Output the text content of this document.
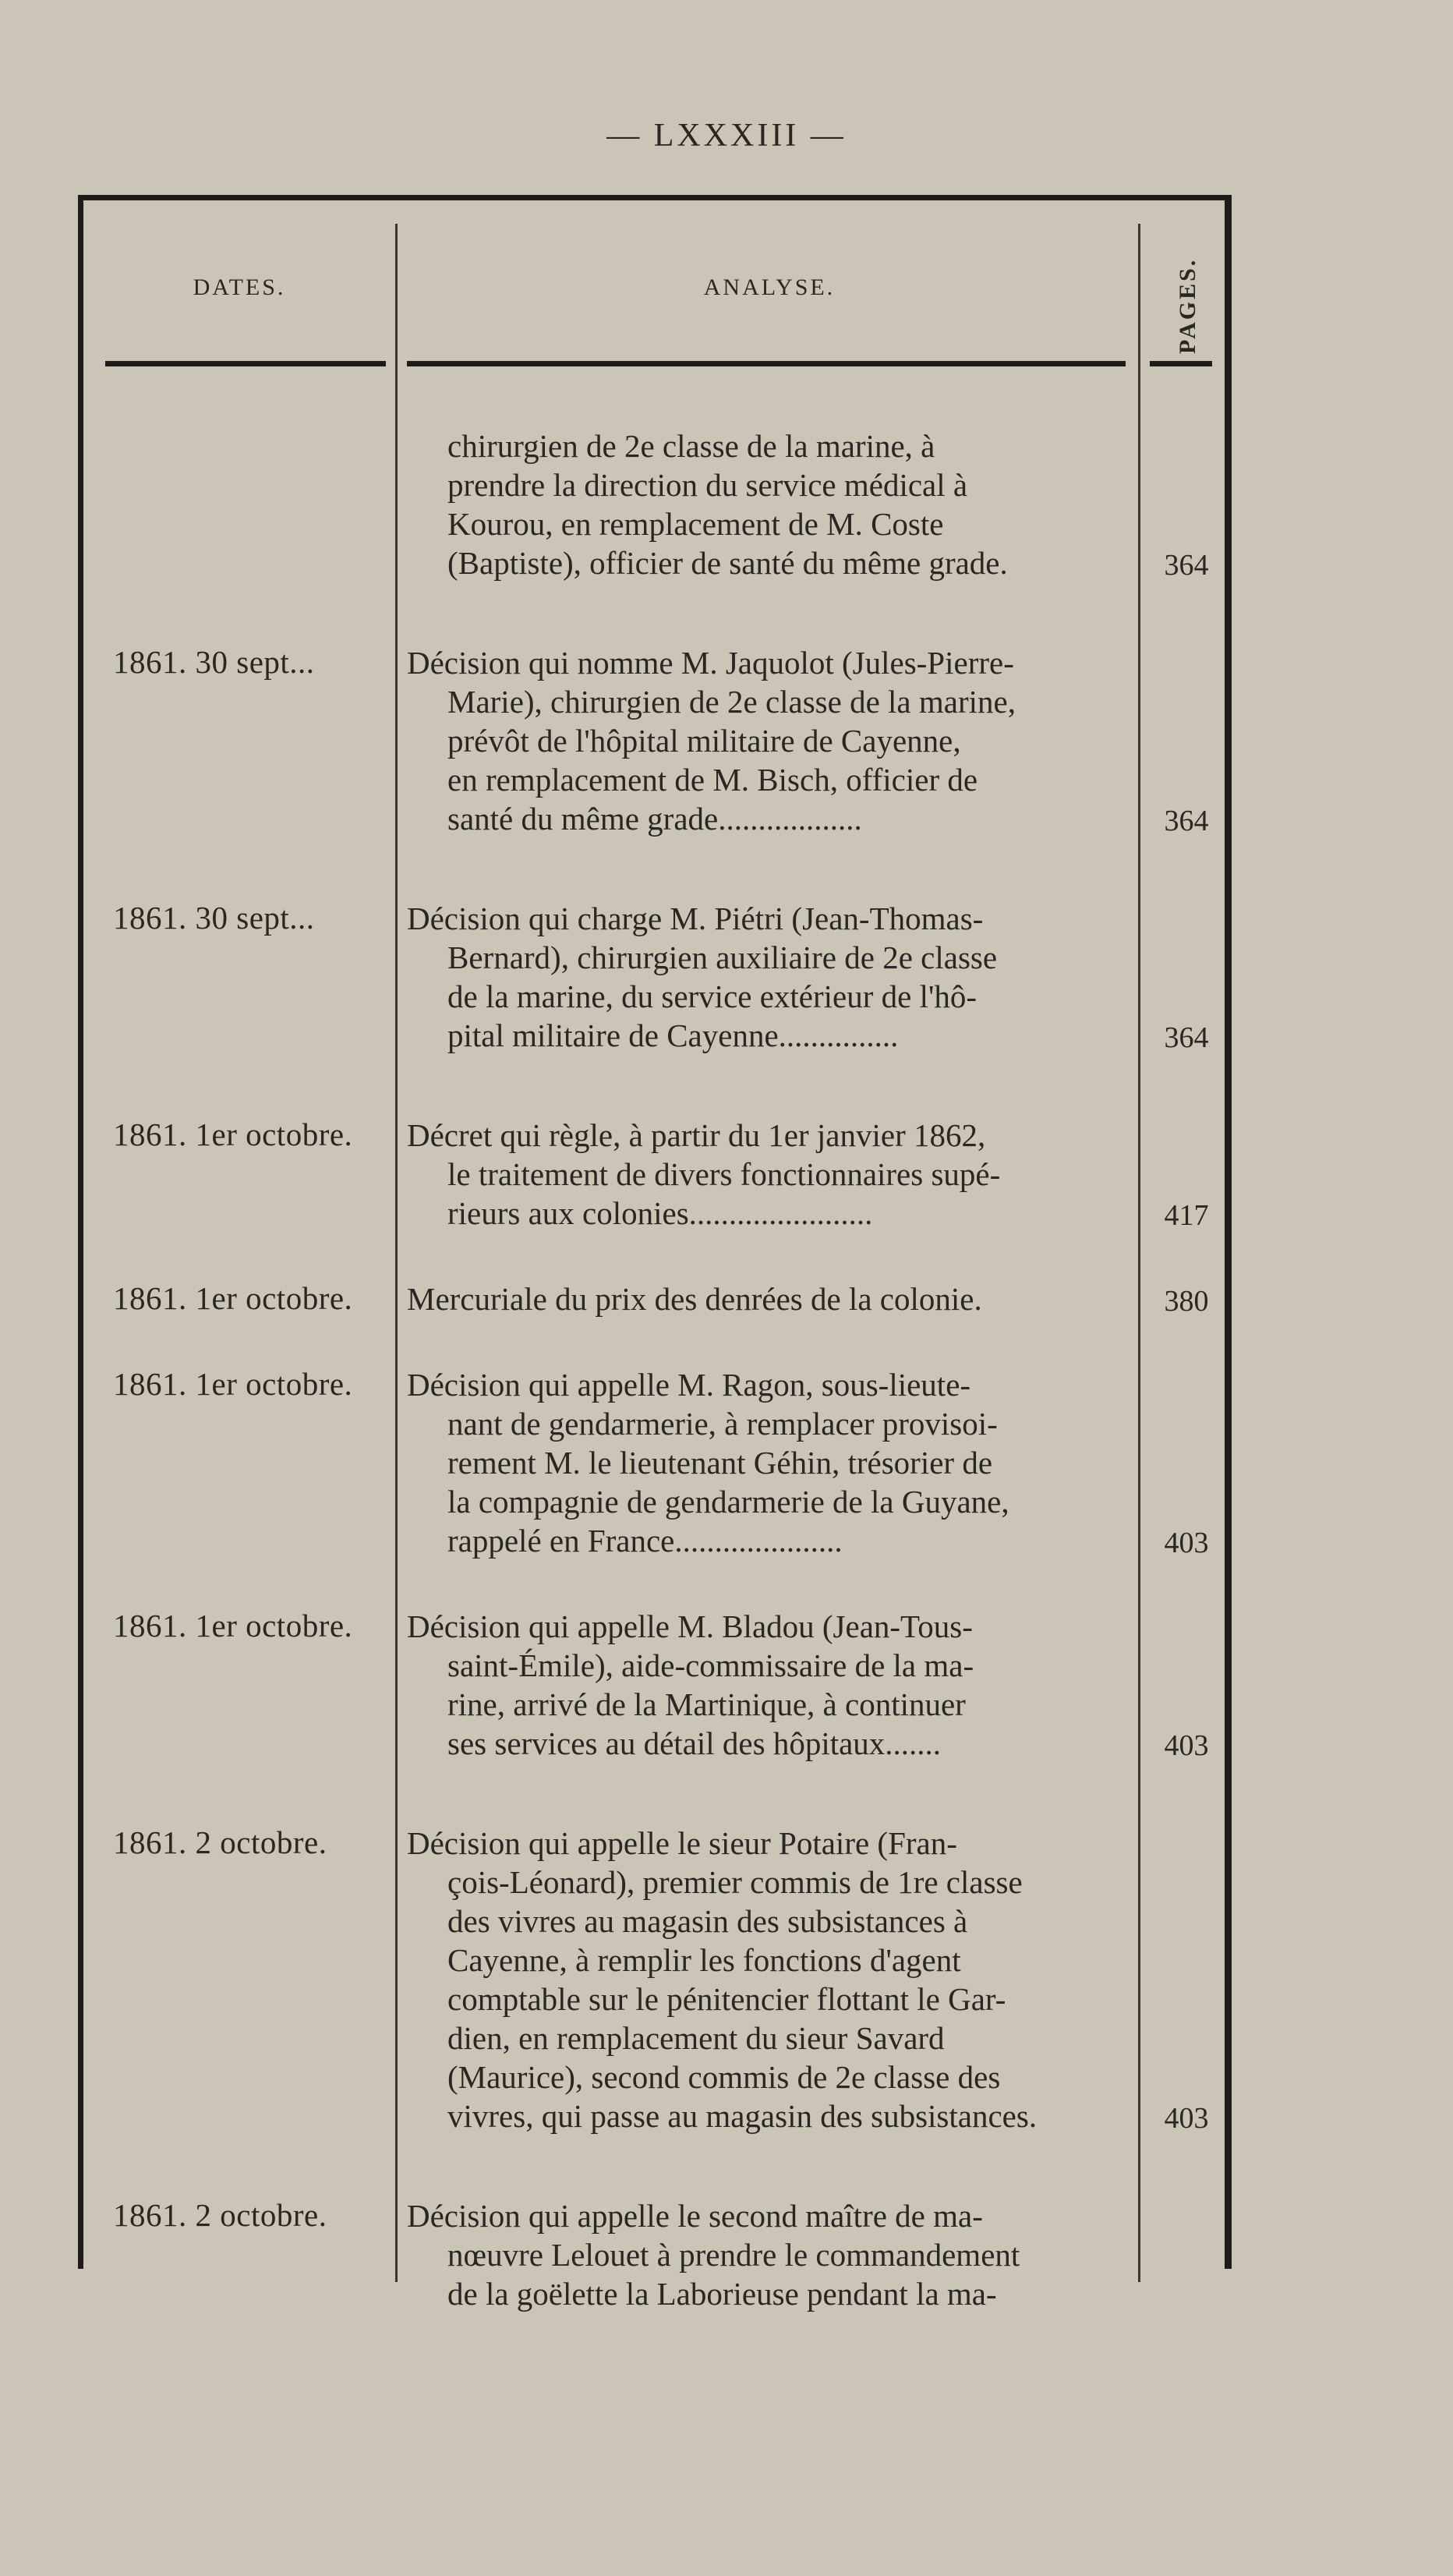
— LXXXIII —
DATES.	ANALYSE.	PAGES.
chirurgien de 2e classe de la marine, à
prendre la direction du service médical à
Kourou, en remplacement de M. Coste
(Baptiste), officier de santé du même grade.	364
1861. 30 sept...	Décision qui nomme M. Jaquolot (Jules-Pierre-
Marie), chirurgien de 2e classe de la marine,
prévôt de l'hôpital militaire de Cayenne,
en remplacement de M. Bisch, officier de
santé du même grade..................	364
1861. 30 sept...	Décision qui charge M. Piétri (Jean-Thomas-
Bernard), chirurgien auxiliaire de 2e classe
de la marine, du service extérieur de l'hô-
pital militaire de Cayenne...............	364
1861. 1er octobre.	Décret qui règle, à partir du 1er janvier 1862,
le traitement de divers fonctionnaires supé-
rieurs aux colonies.......................	417
1861. 1er octobre.	Mercuriale du prix des denrées de la colonie.	380
1861. 1er octobre.	Décision qui appelle M. Ragon, sous-lieute-
nant de gendarmerie, à remplacer provisoi-
rement M. le lieutenant Géhin, trésorier de
la compagnie de gendarmerie de la Guyane,
rappelé en France.....................	403
1861. 1er octobre.	Décision qui appelle M. Bladou (Jean-Tous-
saint-Émile), aide-commissaire de la ma-
rine, arrivé de la Martinique, à continuer
ses services au détail des hôpitaux.......	403
1861. 2 octobre.	Décision qui appelle le sieur Potaire (Fran-
çois-Léonard), premier commis de 1re classe
des vivres au magasin des subsistances à
Cayenne, à remplir les fonctions d'agent
comptable sur le pénitencier flottant le Gar-
dien, en remplacement du sieur Savard
(Maurice), second commis de 2e classe des
vivres, qui passe au magasin des subsistances.	403
1861. 2 octobre.	Décision qui appelle le second maître de ma-
nœuvre Lelouet à prendre le commandement
de la goëlette la Laborieuse pendant la ma-
